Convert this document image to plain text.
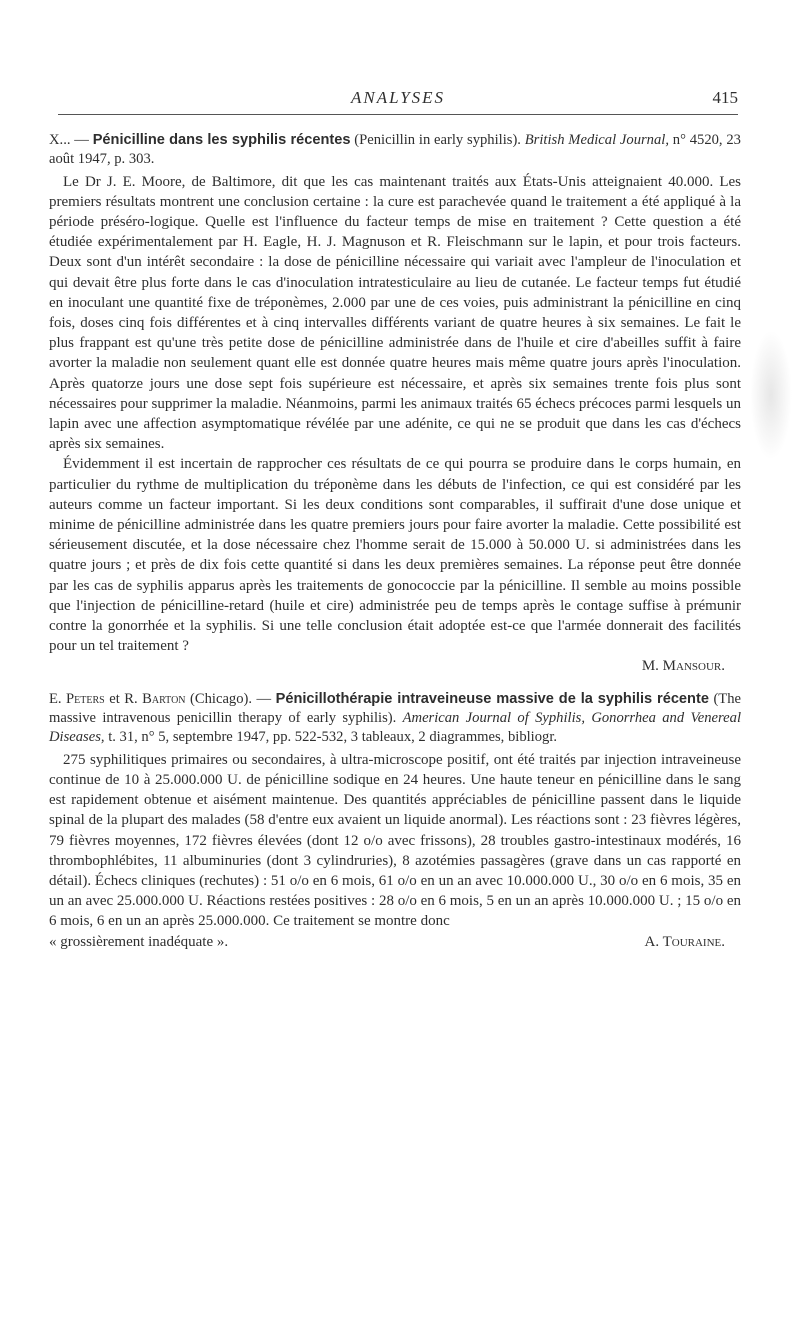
ANALYSES	415

X... — Pénicilline dans les syphilis récentes (Penicillin in early syphilis). British Medical Journal, n° 4520, 23 août 1947, p. 303.

Le Dr J. E. Moore, de Baltimore, dit que les cas maintenant traités aux États-Unis atteignaient 40.000. Les premiers résultats montrent une conclusion certaine : la cure est parachevée quand le traitement a été appliqué à la période préséro-logique. Quelle est l'influence du facteur temps de mise en traitement ? Cette question a été étudiée expérimentalement par H. Eagle, H. J. Magnuson et R. Fleischmann sur le lapin, et pour trois facteurs. Deux sont d'un intérêt secondaire : la dose de pénicilline nécessaire qui variait avec l'ampleur de l'inoculation et qui devait être plus forte dans le cas d'inoculation intratesticulaire au lieu de cutanée. Le facteur temps fut étudié en inoculant une quantité fixe de tréponèmes, 2.000 par une de ces voies, puis administrant la pénicilline en cinq fois, doses cinq fois différentes et à cinq intervalles différents variant de quatre heures à six semaines. Le fait le plus frappant est qu'une très petite dose de pénicilline administrée dans de l'huile et cire d'abeilles suffit à faire avorter la maladie non seulement quant elle est donnée quatre heures mais même quatre jours après l'inoculation. Après quatorze jours une dose sept fois supérieure est nécessaire, et après six semaines trente fois plus sont nécessaires pour supprimer la maladie. Néanmoins, parmi les animaux traités 65 échecs précoces parmi lesquels un lapin avec une affection asymptomatique révélée par une adénite, ce qui ne se produit que dans les cas d'échecs après six semaines.

Évidemment il est incertain de rapprocher ces résultats de ce qui pourra se produire dans le corps humain, en particulier du rythme de multiplication du tréponème dans les débuts de l'infection, ce qui est considéré par les auteurs comme un facteur important. Si les deux conditions sont comparables, il suffirait d'une dose unique et minime de pénicilline administrée dans les quatre premiers jours pour faire avorter la maladie. Cette possibilité est sérieusement discutée, et la dose nécessaire chez l'homme serait de 15.000 à 50.000 U. si administrées dans les quatre jours ; et près de dix fois cette quantité si dans les deux premières semaines. La réponse peut être donnée par les cas de syphilis apparus après les traitements de gonococcie par la pénicilline. Il semble au moins possible que l'injection de pénicilline-retard (huile et cire) administrée peu de temps après le contage suffise à prémunir contre la gonorrhée et la syphilis. Si une telle conclusion était adoptée est-ce que l'armée donnerait des facilités pour un tel traitement ?

M. Mansour.

E. Peters et R. Barton (Chicago). — Pénicillothérapie intraveineuse massive de la syphilis récente (The massive intravenous penicillin therapy of early syphilis). American Journal of Syphilis, Gonorrhea and Venereal Diseases, t. 31, n° 5, septembre 1947, pp. 522-532, 3 tableaux, 2 diagrammes, bibliogr.

275 syphilitiques primaires ou secondaires, à ultra-microscope positif, ont été traités par injection intraveineuse continue de 10 à 25.000.000 U. de pénicilline sodique en 24 heures. Une haute teneur en pénicilline dans le sang est rapidement obtenue et aisément maintenue. Des quantités appréciables de pénicilline passent dans le liquide spinal de la plupart des malades (58 d'entre eux avaient un liquide anormal). Les réactions sont : 23 fièvres légères, 79 fièvres moyennes, 172 fièvres élevées (dont 12 o/o avec frissons), 28 troubles gastro-intestinaux modérés, 16 thrombophlébites, 11 albuminuries (dont 3 cylindruries), 8 azotémies passagères (grave dans un cas rapporté en détail). Échecs cliniques (rechutes) : 51 o/o en 6 mois, 61 o/o en un an avec 10.000.000 U., 30 o/o en 6 mois, 35 en un an avec 25.000.000 U. Réactions restées positives : 28 o/o en 6 mois, 5 en un an après 10.000.000 U. ; 15 o/o en 6 mois, 6 en un an après 25.000.000. Ce traitement se montre donc

« grossièrement inadéquate ».	A. Touraine.
